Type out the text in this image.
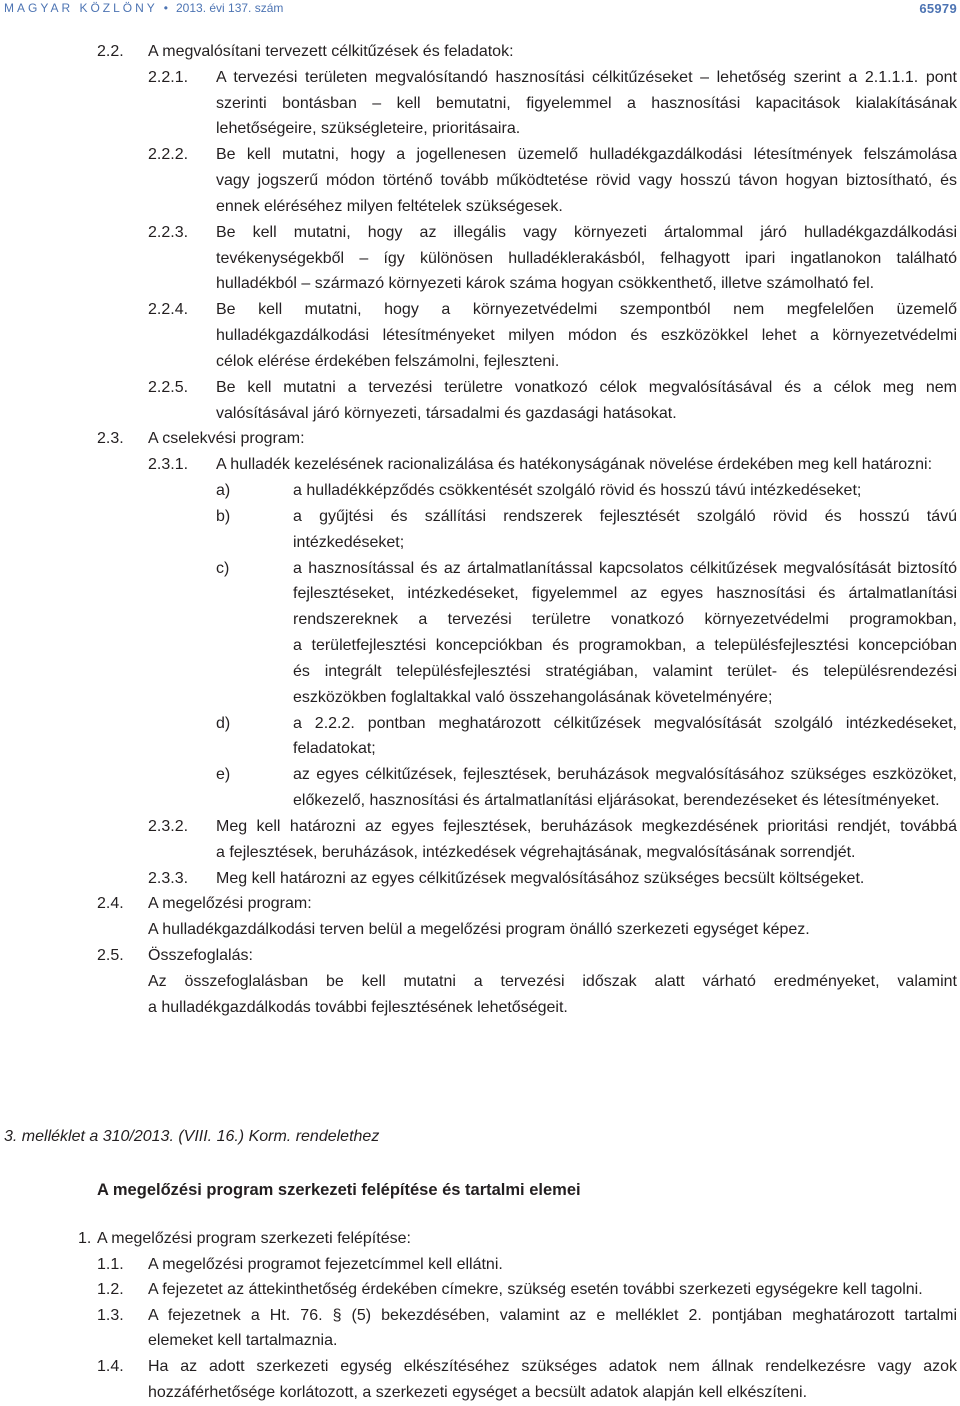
MAGYAR KÖZLÖNY • 2013. évi 137. szám	65979
2.2.	A megvalósítani tervezett célkitűzések és feladatok:
2.2.1.	A tervezési területen megvalósítandó hasznosítási célkitűzéseket – lehetőség szerint a 2.1.1.1. pont
szerinti bontásban – kell bemutatni, figyelemmel a hasznosítási kapacitások kialakításának
lehetőségeire, szükségleteire, prioritásaira.
2.2.2.	Be kell mutatni, hogy a jogellenesen üzemelő hulladékgazdálkodási létesítmények felszámolása
vagy jogszerű módon történő tovább működtetése rövid vagy hosszú távon hogyan biztosítható, és
ennek eléréséhez milyen feltételek szükségesek.
2.2.3.	Be kell mutatni, hogy az illegális vagy környezeti ártalommal járó hulladékgazdálkodási
tevékenységekből – így különösen hulladéklerakásból, felhagyott ipari ingatlanokon található
hulladékból – származó környezeti károk száma hogyan csökkenthető, illetve számolható fel.
2.2.4.	Be kell mutatni, hogy a környezetvédelmi szempontból nem megfelelően üzemelő
hulladékgazdálkodási létesítményeket milyen módon és eszközökkel lehet a környezetvédelmi
célok elérése érdekében felszámolni, fejleszteni.
2.2.5.	Be kell mutatni a tervezési területre vonatkozó célok megvalósításával és a célok meg nem
valósításával járó környezeti, társadalmi és gazdasági hatásokat.
2.3.	A cselekvési program:
2.3.1.	A hulladék kezelésének racionalizálása és hatékonyságának növelése érdekében meg kell határozni:
a)	a hulladékképződés csökkentését szolgáló rövid és hosszú távú intézkedéseket;
b)	a gyűjtési és szállítási rendszerek fejlesztését szolgáló rövid és hosszú távú
intézkedéseket;
c)	a hasznosítással és az ártalmatlanítással kapcsolatos célkitűzések megvalósítását biztosító
fejlesztéseket, intézkedéseket, figyelemmel az egyes hasznosítási és ártalmatlanítási
rendszereknek a tervezési területre vonatkozó környezetvédelmi programokban,
a területfejlesztési koncepciókban és programokban, a településfejlesztési koncepcióban
és integrált településfejlesztési stratégiában, valamint terület- és településrendezési
eszközökben foglaltakkal való összehangolásának követelményére;
d)	a 2.2.2. pontban meghatározott célkitűzések megvalósítását szolgáló intézkedéseket,
feladatokat;
e)	az egyes célkitűzések, fejlesztések, beruházások megvalósításához szükséges eszközöket,
előkezelő, hasznosítási és ártalmatlanítási eljárásokat, berendezéseket és létesítményeket.
2.3.2.	Meg kell határozni az egyes fejlesztések, beruházások megkezdésének prioritási rendjét, továbbá
a fejlesztések, beruházások, intézkedések végrehajtásának, megvalósításának sorrendjét.
2.3.3.	Meg kell határozni az egyes célkitűzések megvalósításához szükséges becsült költségeket.
2.4.	A megelőzési program:
A hulladékgazdálkodási terven belül a megelőzési program önálló szerkezeti egységet képez.
2.5.	Összefoglalás:
Az összefoglalásban be kell mutatni a tervezési időszak alatt várható eredményeket, valamint
a hulladékgazdálkodás további fejlesztésének lehetőségeit.
3. melléklet a 310/2013. (VIII. 16.) Korm. rendelethez
A megelőzési program szerkezeti felépítése és tartalmi elemei
1. A megelőzési program szerkezeti felépítése:
1.1.	A megelőzési programot fejezetcímmel kell ellátni.
1.2.	A fejezetet az áttekinthetőség érdekében címekre, szükség esetén további szerkezeti egységekre kell tagolni.
1.3.	A fejezetnek a Ht. 76. § (5) bekezdésében, valamint az e melléklet 2. pontjában meghatározott tartalmi
elemeket kell tartalmaznia.
1.4.	Ha az adott szerkezeti egység elkészítéséhez szükséges adatok nem állnak rendelkezésre vagy azok
hozzáférhetősége korlátozott, a szerkezeti egységet a becsült adatok alapján kell elkészíteni.
